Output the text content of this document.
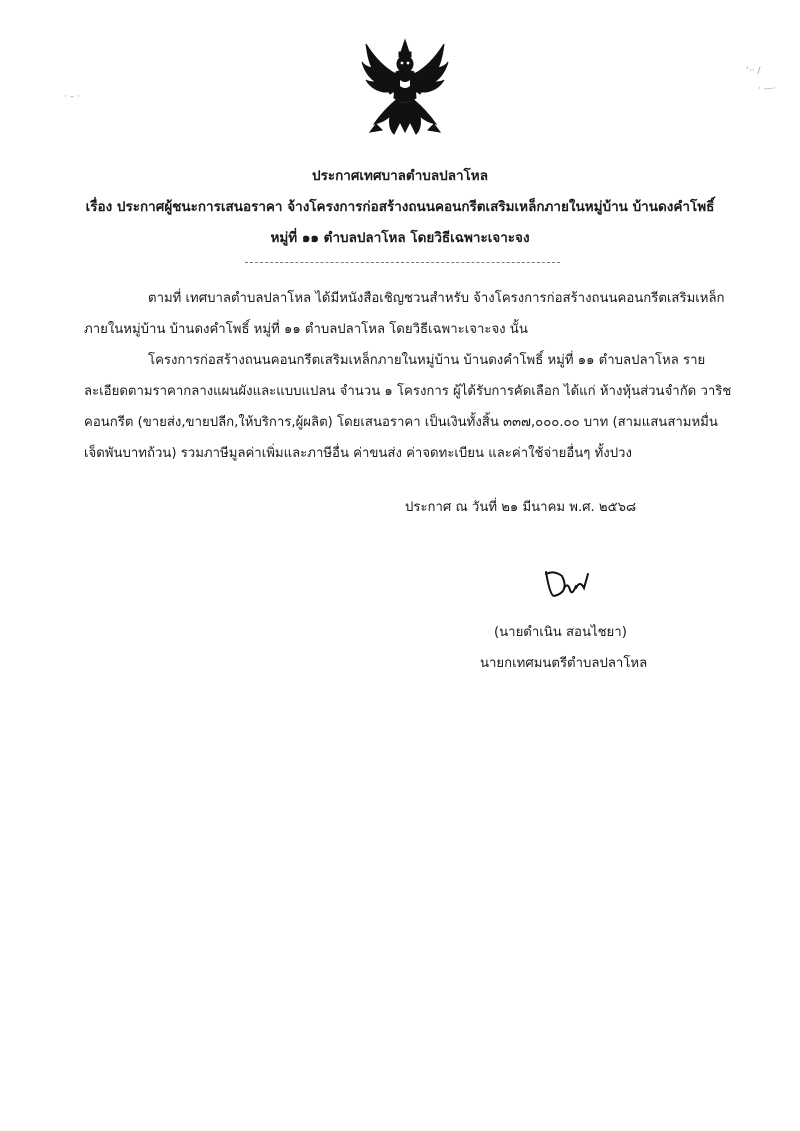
· – ·
‘·· /
· —·
ประกาศเทศบาลตำบลปลาโหล
เรื่อง ประกาศผู้ชนะการเสนอราคา จ้างโครงการก่อสร้างถนนคอนกรีตเสริมเหล็กภายในหมู่บ้าน บ้านดงคำโพธิ์
หมู่ที่ ๑๑ ตำบลปลาโหล โดยวิธีเฉพาะเจาะจง
ตามที่ เทศบาลตำบลปลาโหล ได้มีหนังสือเชิญชวนสำหรับ จ้างโครงการก่อสร้างถนนคอนกรีตเสริมเหล็ก
ภายในหมู่บ้าน บ้านดงคำโพธิ์ หมู่ที่ ๑๑ ตำบลปลาโหล โดยวิธีเฉพาะเจาะจง นั้น
โครงการก่อสร้างถนนคอนกรีตเสริมเหล็กภายในหมู่บ้าน บ้านดงคำโพธิ์ หมู่ที่ ๑๑ ตำบลปลาโหล ราย
ละเอียดตามราคากลางแผนผังและแบบแปลน จำนวน ๑ โครงการ ผู้ได้รับการคัดเลือก ได้แก่ ห้างหุ้นส่วนจำกัด วาริช
คอนกรีต (ขายส่ง,ขายปลีก,ให้บริการ,ผู้ผลิต) โดยเสนอราคา เป็นเงินทั้งสิ้น ๓๓๗,๐๐๐.๐๐ บาท (สามแสนสามหมื่น
เจ็ดพันบาทถ้วน) รวมภาษีมูลค่าเพิ่มและภาษีอื่น ค่าขนส่ง ค่าจดทะเบียน และค่าใช้จ่ายอื่นๆ ทั้งปวง
ประกาศ ณ วันที่ ๒๑ มีนาคม พ.ศ. ๒๕๖๘
(นายดำเนิน สอนไชยา)
นายกเทศมนตรีตำบลปลาโหล
